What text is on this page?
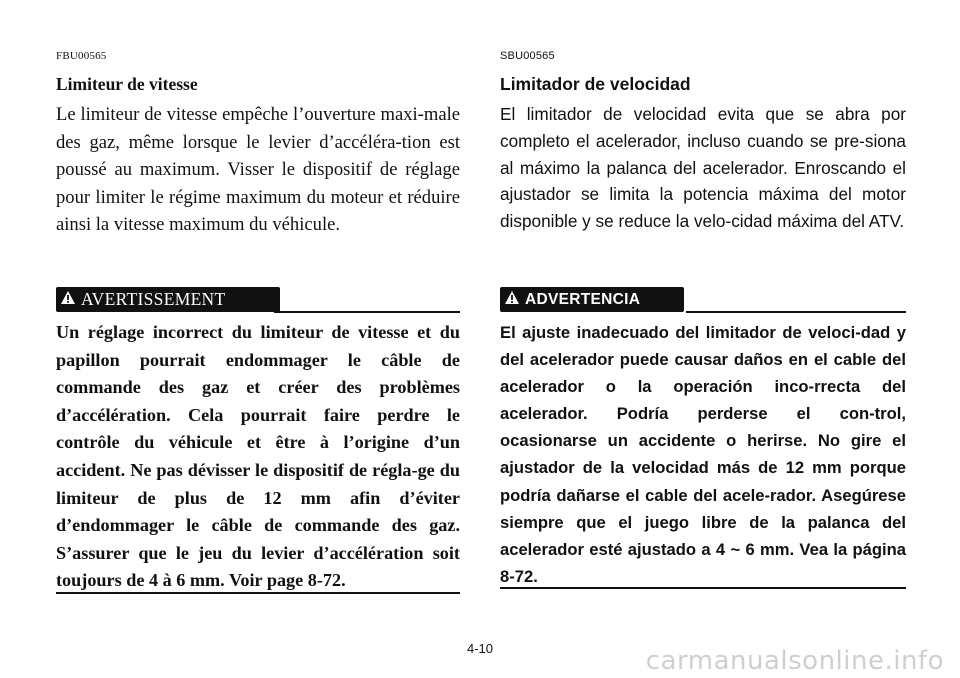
FBU00565
Limiteur de vitesse

Le limiteur de vitesse empêche l’ouverture maxi-male des gaz, même lorsque le levier d’accéléra-tion est poussé au maximum. Visser le dispositif de réglage pour limiter le régime maximum du moteur et réduire ainsi la vitesse maximum du véhicule.

AVERTISSEMENT

Un réglage incorrect du limiteur de vitesse et du papillon pourrait endommager le câble de commande des gaz et créer des problèmes d’accélération. Cela pourrait faire perdre le contrôle du véhicule et être à l’origine d’un accident. Ne pas dévisser le dispositif de régla-ge du limiteur de plus de 12 mm afin d’éviter d’endommager le câble de commande des gaz. S’assurer que le jeu du levier d’accélération soit toujours de 4 à 6 mm. Voir page 8-72.

SBU00565
Limitador de velocidad

El limitador de velocidad evita que se abra por completo el acelerador, incluso cuando se pre-siona al máximo la palanca del acelerador. Enroscando el ajustador se limita la potencia máxima del motor disponible y se reduce la velo-cidad máxima del ATV.

ADVERTENCIA

El ajuste inadecuado del limitador de veloci-dad y del acelerador puede causar daños en el cable del acelerador o la operación inco-rrecta del acelerador. Podría perderse el con-trol, ocasionarse un accidente o herirse. No gire el ajustador de la velocidad más de 12 mm porque podría dañarse el cable del acele-rador. Asegúrese siempre que el juego libre de la palanca del acelerador esté ajustado a 4 ~ 6 mm. Vea la página 8-72.

4-10	carmanualsonline.info
